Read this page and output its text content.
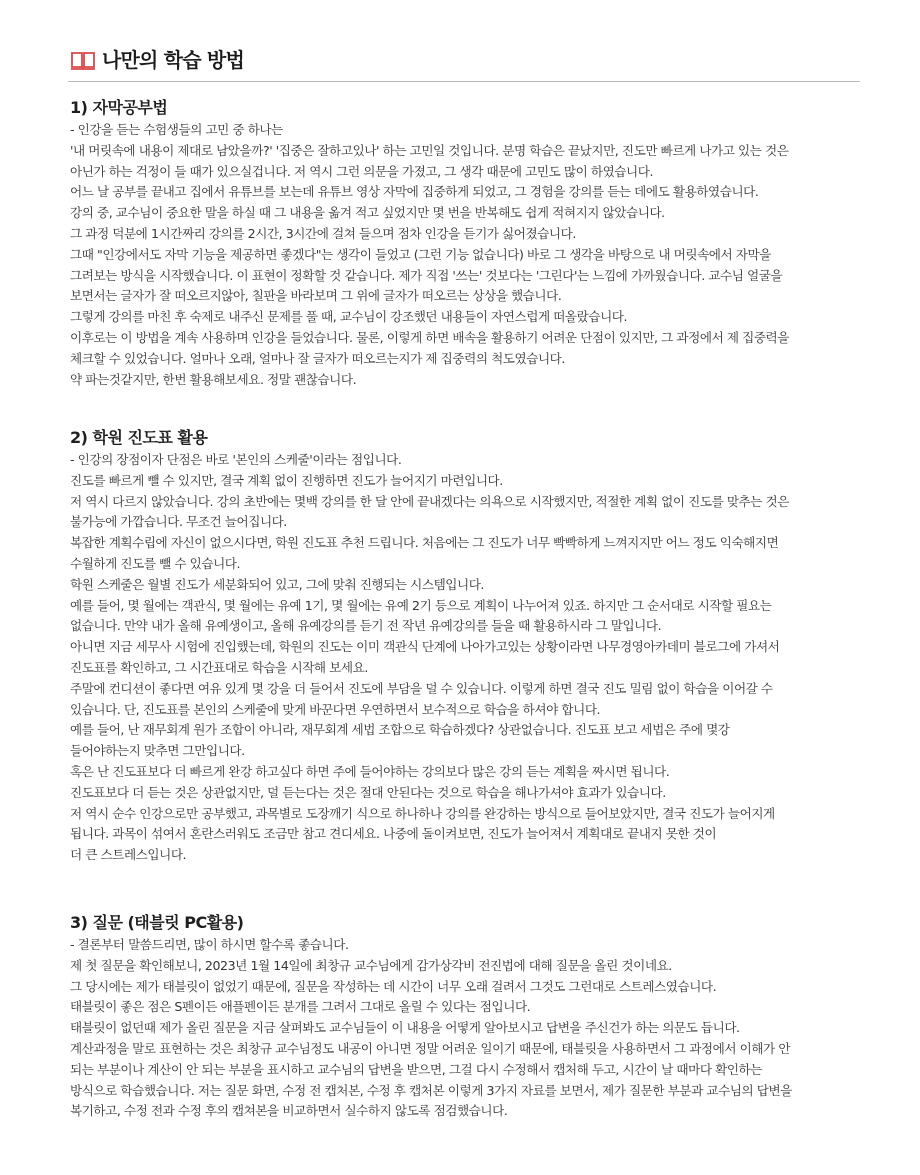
나만의 학습 방법
1) 자막공부법
- 인강을 듣는 수험생들의 고민 중 하나는
'내 머릿속에 내용이 제대로 남았을까?' '집중은 잘하고있나' 하는 고민일 것입니다. 분명 학습은 끝났지만, 진도만 빠르게 나가고 있는 것은
아닌가 하는 걱정이 들 때가 있으실겁니다. 저 역시 그런 의문을 가졌고, 그 생각 때문에 고민도 많이 하였습니다.
어느 날 공부를 끝내고 집에서 유튜브를 보는데 유튜브 영상 자막에 집중하게 되었고, 그 경험을 강의를 듣는 데에도 활용하였습니다.
강의 중, 교수님이 중요한 말을 하실 때 그 내용을 옮겨 적고 싶었지만 몇 번을 반복해도 쉽게 적혀지지 않았습니다.
그 과정 덕분에 1시간짜리 강의를 2시간, 3시간에 걸쳐 들으며 점차 인강을 듣기가 싫어졌습니다.
그때 "인강에서도 자막 기능을 제공하면 좋겠다"는 생각이 들었고 (그런 기능 없습니다) 바로 그 생각을 바탕으로 내 머릿속에서 자막을
그려보는 방식을 시작했습니다. 이 표현이 정확할 것 같습니다. 제가 직접 '쓰는' 것보다는 '그린다'는 느낌에 가까웠습니다. 교수님 얼굴을
보면서는 글자가 잘 떠오르지않아, 칠판을 바라보며 그 위에 글자가 떠오르는 상상을 했습니다.
그렇게 강의를 마친 후 숙제로 내주신 문제를 풀 때, 교수님이 강조했던 내용들이 자연스럽게 떠올랐습니다.
이후로는 이 방법을 계속 사용하며 인강을 들었습니다. 물론, 이렇게 하면 배속을 활용하기 어려운 단점이 있지만, 그 과정에서 제 집중력을
체크할 수 있었습니다. 얼마나 오래, 얼마나 잘 글자가 떠오르는지가 제 집중력의 척도였습니다.
약 파는것같지만, 한번 활용해보세요. 정말 괜찮습니다.
2) 학원 진도표 활용
- 인강의 장점이자 단점은 바로 '본인의 스케줄'이라는 점입니다.
진도를 빠르게 뺄 수 있지만, 결국 계획 없이 진행하면 진도가 늘어지기 마련입니다.
저 역시 다르지 않았습니다. 강의 초반에는 몇백 강의를 한 달 안에 끝내겠다는 의욕으로 시작했지만, 적절한 계획 없이 진도를 맞추는 것은
불가능에 가깝습니다. 무조건 늘어집니다.
복잡한 계획수립에 자신이 없으시다면, 학원 진도표 추천 드립니다. 처음에는 그 진도가 너무 빡빡하게 느껴지지만 어느 정도 익숙해지면
수월하게 진도를 뺄 수 있습니다.
학원 스케줄은 월별 진도가 세분화되어 있고, 그에 맞춰 진행되는 시스템입니다.
예를 들어, 몇 월에는 객관식, 몇 월에는 유예 1기, 몇 월에는 유예 2기 등으로 계획이 나누어져 있죠. 하지만 그 순서대로 시작할 필요는
없습니다. 만약 내가 올해 유예생이고, 올해 유예강의를 듣기 전 작년 유예강의를 들을 때 활용하시라 그 말입니다.
아니면 지금 세무사 시험에 진입했는데, 학원의 진도는 이미 객관식 단계에 나아가고있는 상황이라면 나무경영아카데미 블로그에 가셔서
진도표를 확인하고, 그 시간표대로 학습을 시작해 보세요.
주말에 컨디션이 좋다면 여유 있게 몇 강을 더 들어서 진도에 부담을 덜 수 있습니다. 이렇게 하면 결국 진도 밀림 없이 학습을 이어갈 수
있습니다. 단, 진도표를 본인의 스케줄에 맞게 바꾼다면 우연하면서 보수적으로 학습을 하셔야 합니다.
예를 들어, 난 재무회계 원가 조합이 아니라, 재무회계 세법 조합으로 학습하겠다? 상관없습니다. 진도표 보고 세법은 주에 몇강
들어야하는지 맞추면 그만입니다.
혹은 난 진도표보다 더 빠르게 완강 하고싶다 하면 주에 들어야하는 강의보다 많은 강의 듣는 계획을 짜시면 됩니다.
진도표보다 더 듣는 것은 상관없지만, 덜 듣는다는 것은 절대 안된다는 것으로 학습을 해나가셔야 효과가 있습니다.
저 역시 순수 인강으로만 공부했고, 과목별로 도장깨기 식으로 하나하나 강의를 완강하는 방식으로 들어보았지만, 결국 진도가 늘어지게
됩니다. 과목이 섞여서 혼란스러워도 조금만 참고 견디세요. 나중에 돌이켜보면, 진도가 늘어져서 계획대로 끝내지 못한 것이
더 큰 스트레스입니다.
3) 질문 (태블릿 PC활용)
- 결론부터 말씀드리면, 많이 하시면 할수록 좋습니다.
제 첫 질문을 확인해보니, 2023년 1월 14일에 최창규 교수님에게 감가상각비 전진법에 대해 질문을 올린 것이네요.
그 당시에는 제가 태블릿이 없었기 때문에, 질문을 작성하는 데 시간이 너무 오래 걸려서 그것도 그런대로 스트레스였습니다.
태블릿이 좋은 점은 S펜이든 애플펜이든 분개를 그려서 그대로 올릴 수 있다는 점입니다.
태블릿이 없던때 제가 올린 질문을 지금 살펴봐도 교수님들이 이 내용을 어떻게 알아보시고 답변을 주신건가 하는 의문도 듭니다.
계산과정을 말로 표현하는 것은 최창규 교수님정도 내공이 아니면 정말 어려운 일이기 때문에, 태블릿을 사용하면서 그 과정에서 이해가 안
되는 부분이나 계산이 안 되는 부분을 표시하고 교수님의 답변을 받으면, 그걸 다시 수정해서 캡처해 두고, 시간이 날 때마다 확인하는
방식으로 학습했습니다. 저는 질문 화면, 수정 전 캡처본, 수정 후 캡처본 이렇게 3가지 자료를 보면서, 제가 질문한 부분과 교수님의 답변을
복기하고, 수정 전과 수정 후의 캡쳐본을 비교하면서 실수하지 않도록 점검했습니다.
